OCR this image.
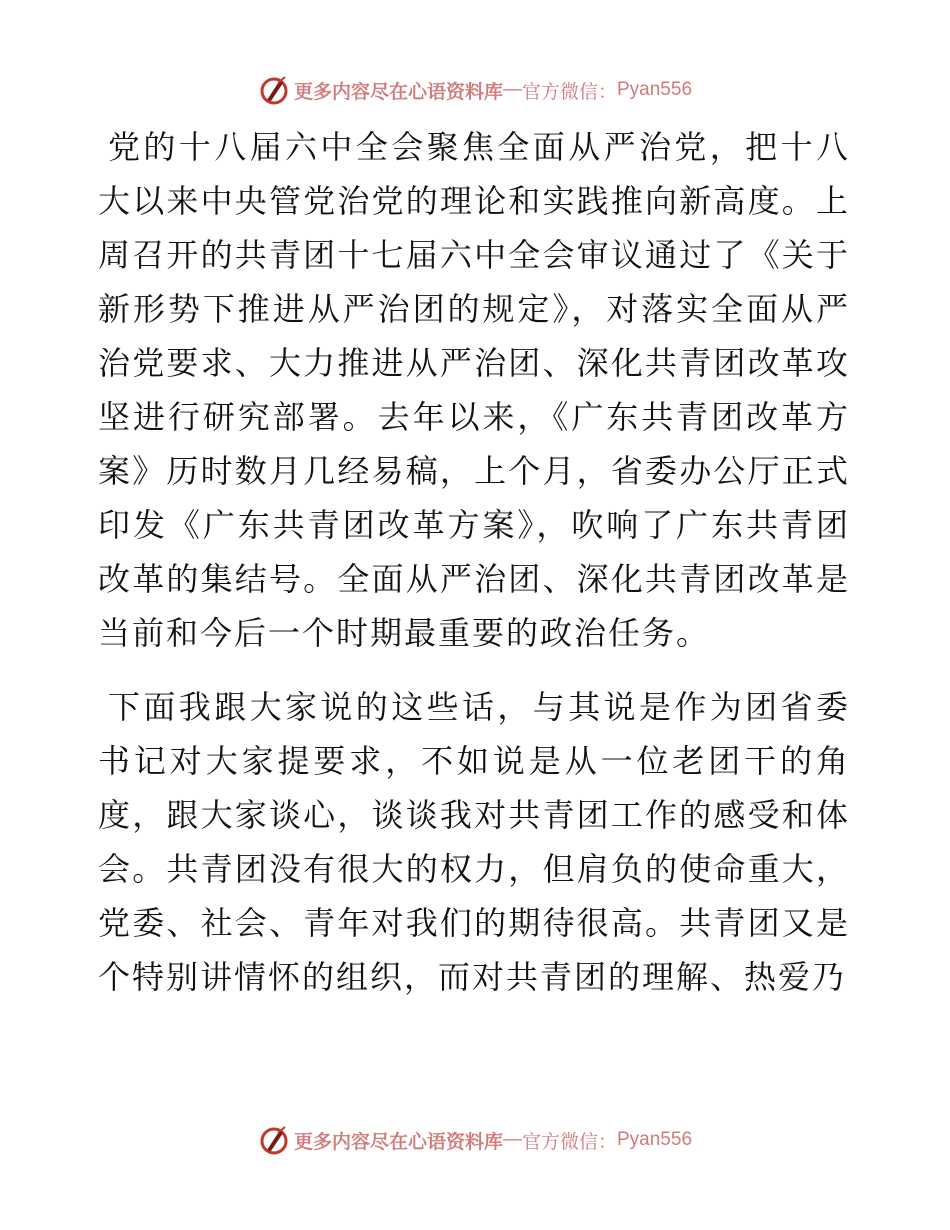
更多内容尽在心语资料库 — 官方微信： Pyan556

党的十八届六中全会聚焦全面从严治党，把十八大以来中央管党治党的理论和实践推向新高度。上周召开的共青团十七届六中全会审议通过了《关于新形势下推进从严治团的规定》，对落实全面从严治党要求、大力推进从严治团、深化共青团改革攻坚进行研究部署。去年以来，《广东共青团改革方案》历时数月几经易稿，上个月，省委办公厅正式印发《广东共青团改革方案》，吹响了广东共青团改革的集结号。全面从严治团、深化共青团改革是当前和今后一个时期最重要的政治任务。

下面我跟大家说的这些话，与其说是作为团省委书记对大家提要求，不如说是从一位老团干的角度，跟大家谈心，谈谈我对共青团工作的感受和体会。共青团没有很大的权力，但肩负的使命重大，党委、社会、青年对我们的期待很高。共青团又是个特别讲情怀的组织，而对共青团的理解、热爱乃

更多内容尽在心语资料库 — 官方微信： Pyan556
